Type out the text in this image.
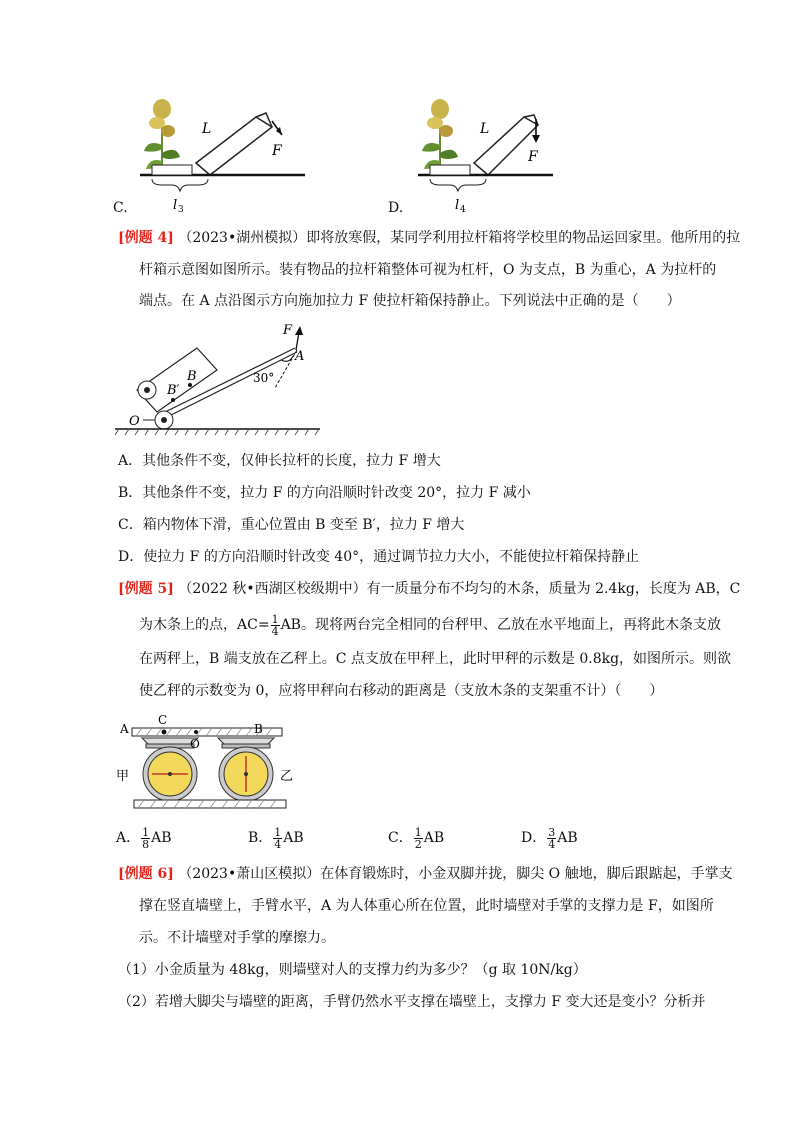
L
F
l 3
C.
L
F
l 4
D.
[例题 4] （2023•湖州模拟）即将放寒假，某同学利用拉杆箱将学校里的物品运回家里。他所用的拉
杆箱示意图如图所示。装有物品的拉杆箱整体可视为杠杆，O 为支点，B 为重心，A 为拉杆的
端点。在 A 点沿图示方向施加拉力 F 使拉杆箱保持静止。下列说法中正确的是（　　）
F
A
B
B′
O
30°
A．其他条件不变，仅伸长拉杆的长度，拉力 F 增大
B．其他条件不变，拉力 F 的方向沿顺时针改变 20°，拉力 F 减小
C．箱内物体下滑，重心位置由 B 变至 B′，拉力 F 增大
D．使拉力 F 的方向沿顺时针改变 40°，通过调节拉力大小，不能使拉杆箱保持静止
[例题 5] （2022 秋•西湖区校级期中）有一质量分布不均匀的木条，质量为 2.4kg，长度为 AB，C
为木条上的点，$AC= \frac{1}{4}$ AB。现将两台完全相同的台秤甲、乙放在水平地面上，再将此木条支放
在两秤上，B 端支放在乙秤上。C 点支放在甲秤上，此时甲秤的示数是 0.8kg，如图所示。则欲
使乙秤的示数变为 0，应将甲秤向右移动的距离是（支放木条的支架重不计）（　　）
A
C
B
O
甲	乙
A． $\frac{1}{8}$ AB	B． $\frac{1}{4}$ AB	C． $\frac{1}{2}$ AB	D． $\frac{3}{4}$ AB
[例题 6] （2023•萧山区模拟）在体育锻炼时，小金双脚并拢，脚尖 O 触地，脚后跟踮起，手掌支
撑在竖直墙壁上，手臂水平，A 为人体重心所在位置，此时墙壁对手掌的支撑力是 F，如图所
示。不计墙壁对手掌的摩擦力。
（1）小金质量为 48kg，则墙壁对人的支撑力约为多少？（g 取 10N/kg）
（2）若增大脚尖与墙壁的距离，手臂仍然水平支撑在墙壁上，支撑力 F 变大还是变小？分析并
